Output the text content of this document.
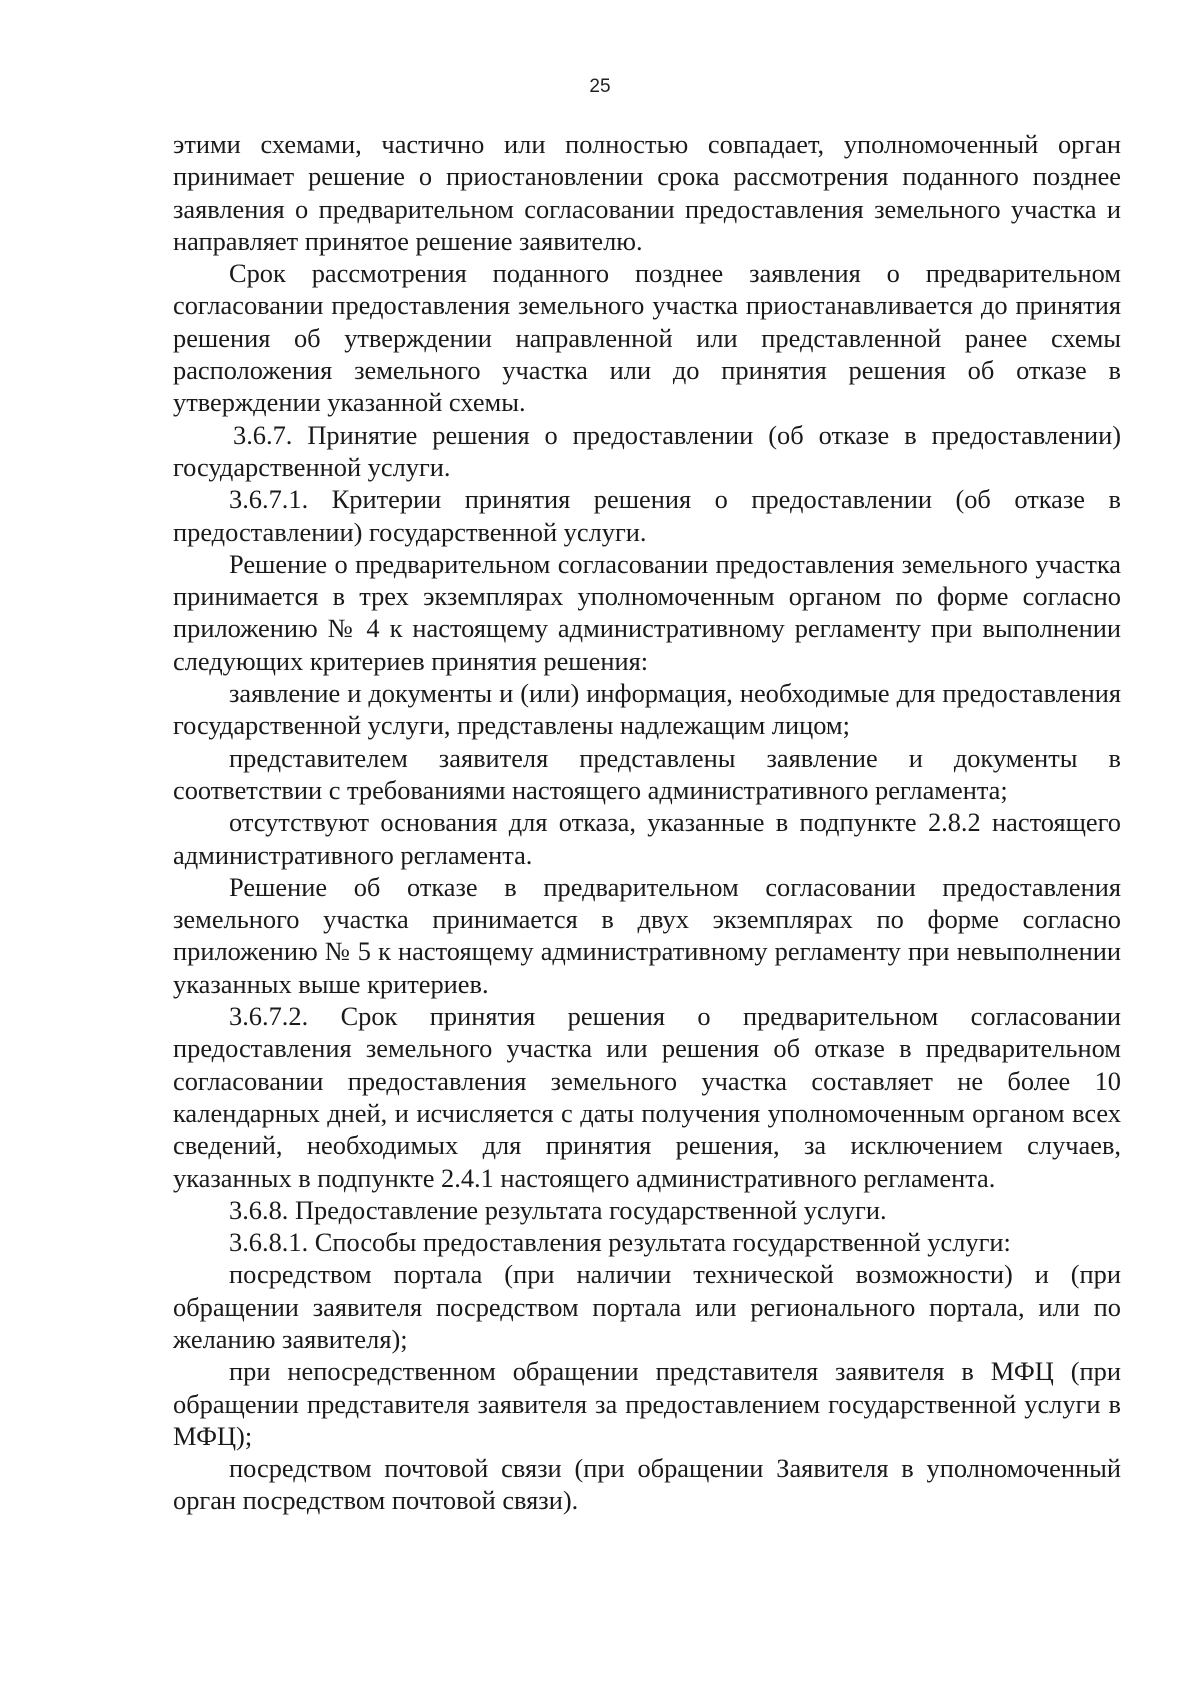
25

этими схемами, частично или полностью совпадает, уполномоченный орган принимает решение о приостановлении срока рассмотрения поданного позднее заявления о предварительном согласовании предоставления земельного участка и направляет принятое решение заявителю.

Срок рассмотрения поданного позднее заявления о предварительном согласовании предоставления земельного участка приостанавливается до принятия решения об утверждении направленной или представленной ранее схемы расположения земельного участка или до принятия решения об отказе в утверждении указанной схемы.

3.6.7. Принятие решения о предоставлении (об отказе в предоставлении) государственной услуги.

3.6.7.1. Критерии принятия решения о предоставлении (об отказе в предоставлении) государственной услуги.

Решение о предварительном согласовании предоставления земельного участка принимается в трех экземплярах уполномоченным органом по форме согласно приложению № 4 к настоящему административному регламенту при выполнении следующих критериев принятия решения:

заявление и документы и (или) информация, необходимые для предоставления государственной услуги, представлены надлежащим лицом;

представителем заявителя представлены заявление и документы в соответствии с требованиями настоящего административного регламента;

отсутствуют основания для отказа, указанные в подпункте 2.8.2 настоящего административного регламента.

Решение об отказе в предварительном согласовании предоставления земельного участка принимается в двух экземплярах по форме согласно приложению № 5 к настоящему административному регламенту при невыполнении указанных выше критериев.

3.6.7.2. Срок принятия решения о предварительном согласовании предоставления земельного участка или решения об отказе в предварительном согласовании предоставления земельного участка составляет не более 10 календарных дней, и исчисляется с даты получения уполномоченным органом всех сведений, необходимых для принятия решения, за исключением случаев, указанных в подпункте 2.4.1 настоящего административного регламента.

3.6.8. Предоставление результата государственной услуги.

3.6.8.1. Способы предоставления результата государственной услуги:

посредством портала (при наличии технической возможности) и (при обращении заявителя посредством портала или регионального портала, или по желанию заявителя);

при непосредственном обращении представителя заявителя в МФЦ (при обращении представителя заявителя за предоставлением государственной услуги в МФЦ);

посредством почтовой связи (при обращении Заявителя в уполномоченный орган посредством почтовой связи).
